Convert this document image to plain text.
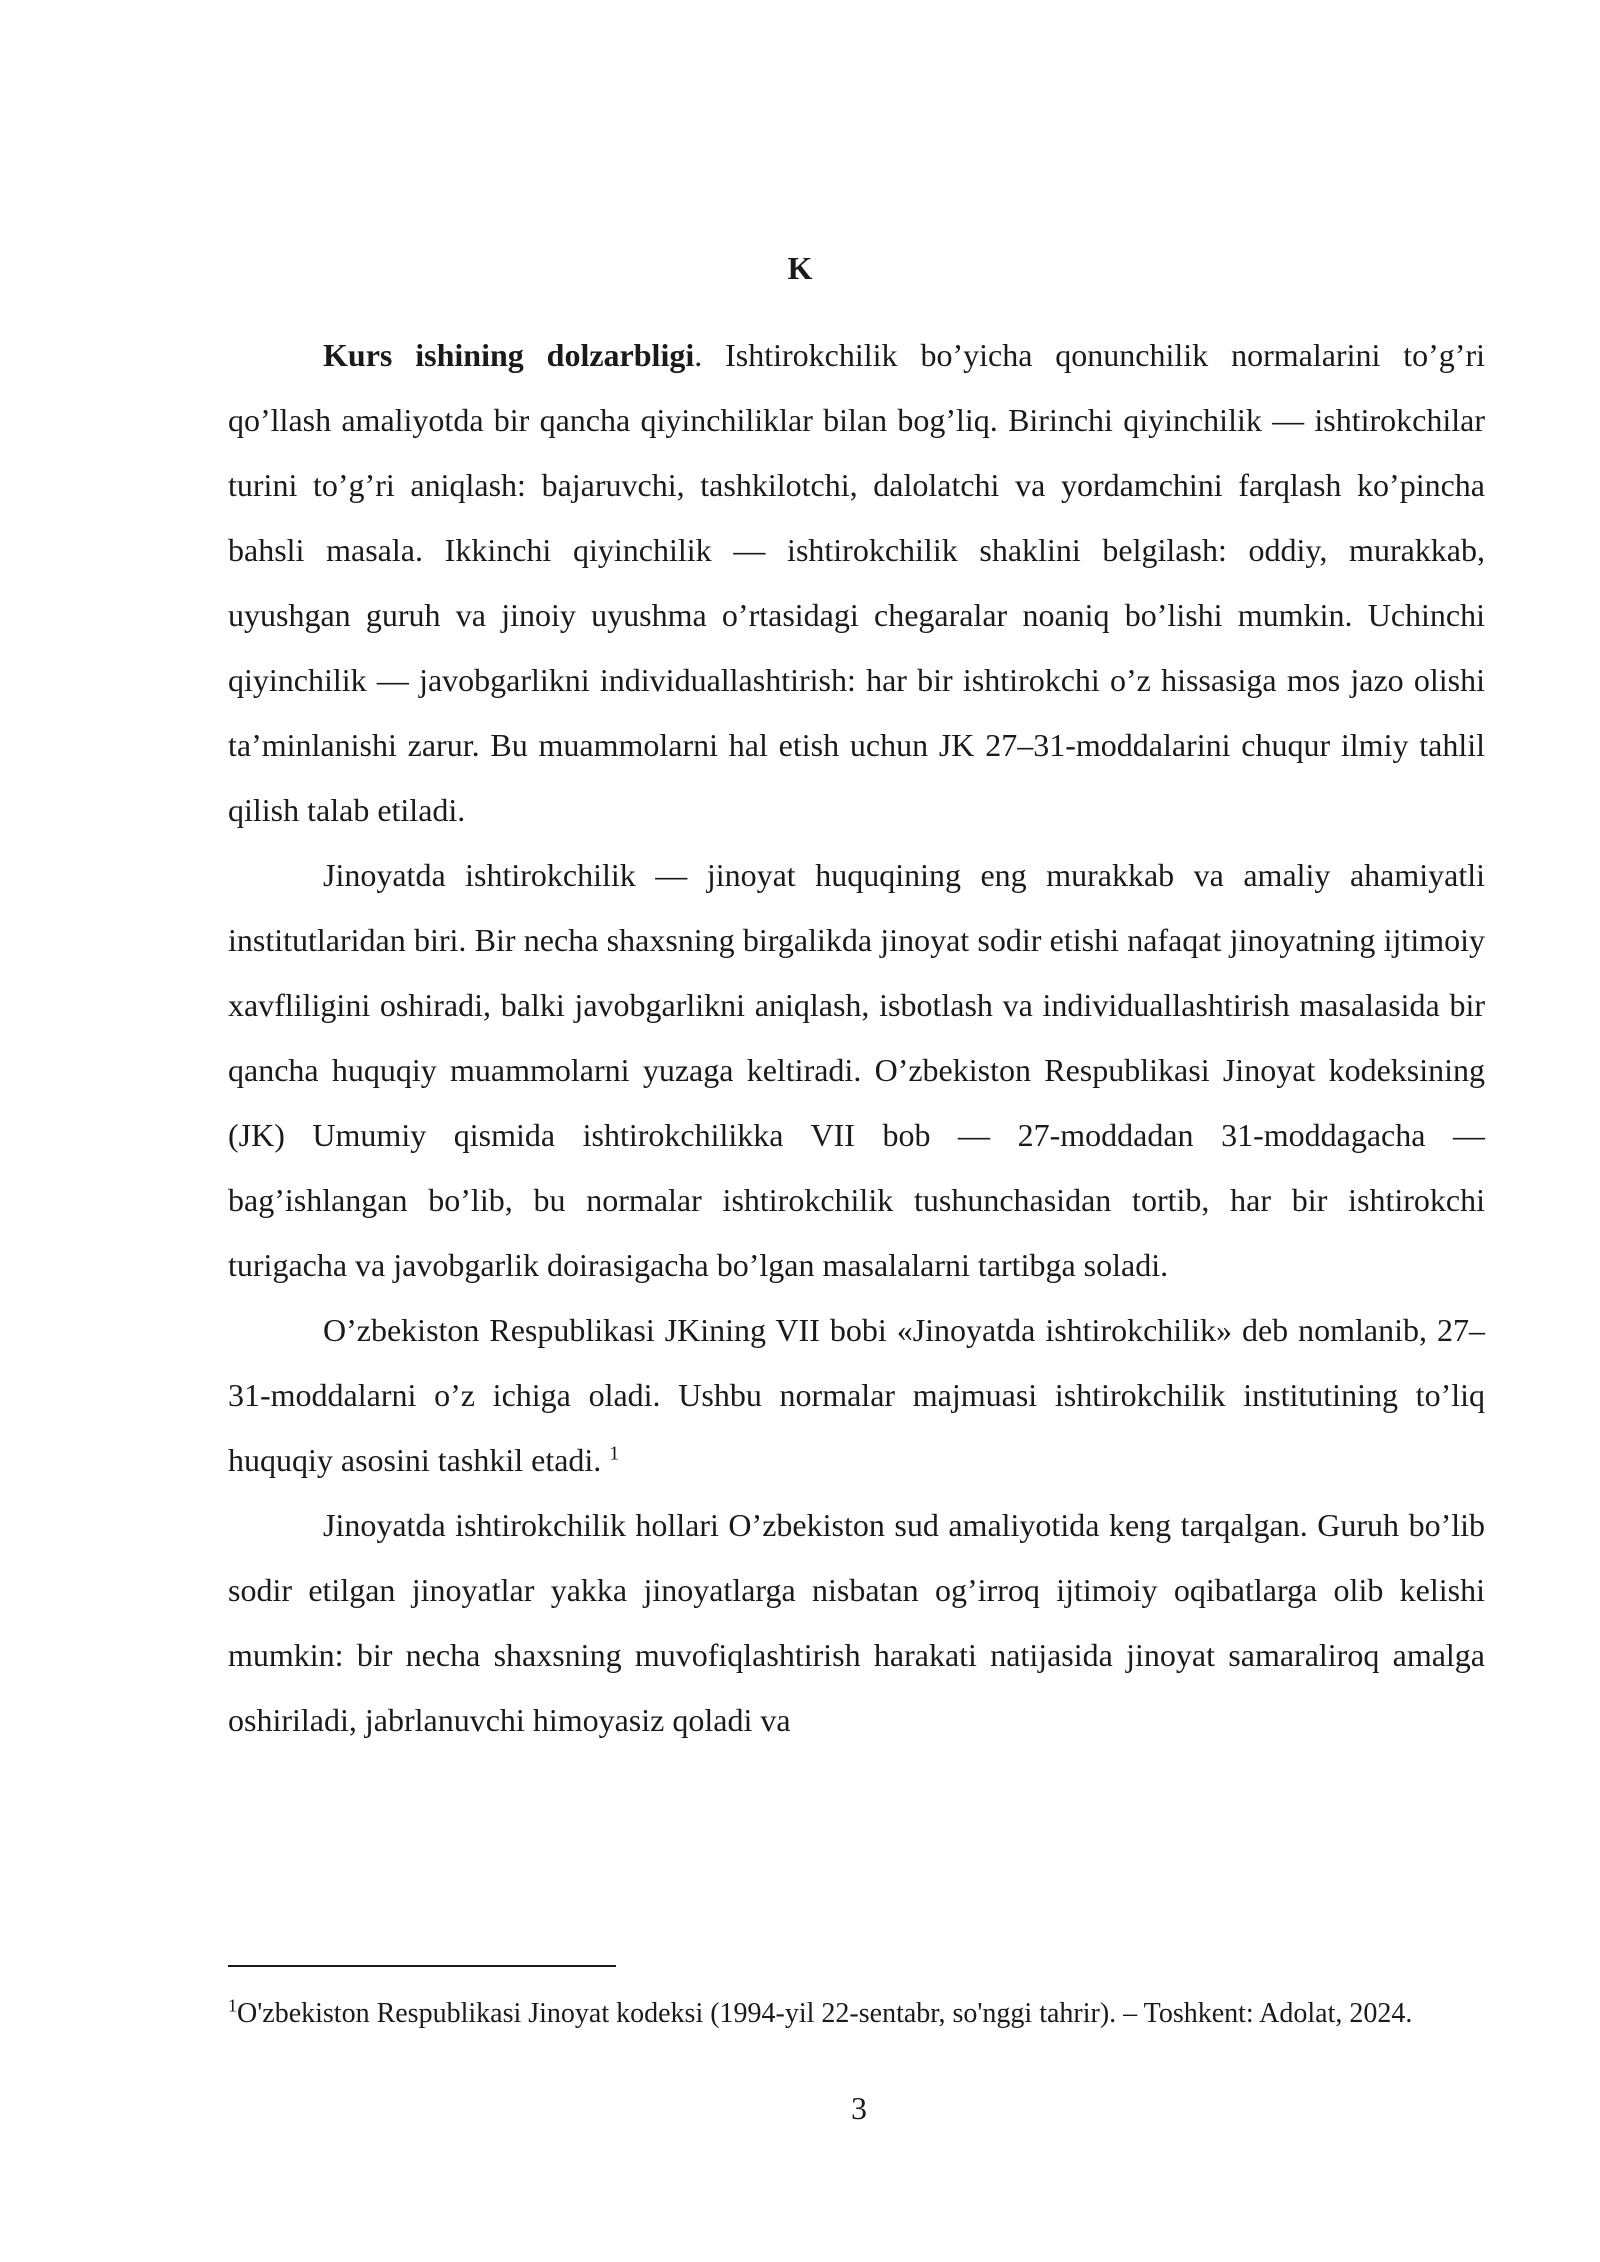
K

Kurs ishining dolzarbligi. Ishtirokchilik bo’yicha qonunchilik normalarini to’g’ri qo’llash amaliyotda bir qancha qiyinchiliklar bilan bog’liq. Birinchi qiyinchilik — ishtirokchilar turini to’g’ri aniqlash: bajaruvchi, tashkilotchi, dalolatchi va yordamchini farqlash ko’pincha bahsli masala. Ikkinchi qiyinchilik — ishtirokchilik shaklini belgilash: oddiy, murakkab, uyushgan guruh va jinoiy uyushma o’rtasidagi chegaralar noaniq bo’lishi mumkin. Uchinchi qiyinchilik — javobgarlikni individuallashtirish: har bir ishtirokchi o’z hissasiga mos jazo olishi ta’minlanishi zarur. Bu muammolarni hal etish uchun JK 27–31-moddalarini chuqur ilmiy tahlil qilish talab etiladi.

Jinoyatda ishtirokchilik — jinoyat huquqining eng murakkab va amaliy ahamiyatli institutlaridan biri. Bir necha shaxsning birgalikda jinoyat sodir etishi nafaqat jinoyatning ijtimoiy xavfliligini oshiradi, balki javobgarlikni aniqlash, isbotlash va individuallashtirish masalasida bir qancha huquqiy muammolarni yuzaga keltiradi. O’zbekiston Respublikasi Jinoyat kodeksining (JK) Umumiy qismida ishtirokchilikka VII bob — 27-moddadan 31-moddagacha — bag’ishlangan bo’lib, bu normalar ishtirokchilik tushunchasidan tortib, har bir ishtirokchi turigacha va javobgarlik doirasigacha bo’lgan masalalarni tartibga soladi.

O’zbekiston Respublikasi JKining VII bobi «Jinoyatda ishtirokchilik» deb nomlanib, 27–31-moddalarni o’z ichiga oladi. Ushbu normalar majmuasi ishtirokchilik institutining to’liq huquqiy asosini tashkil etadi. $^1$

Jinoyatda ishtirokchilik hollari O’zbekiston sud amaliyotida keng tarqalgan. Guruh bo’lib sodir etilgan jinoyatlar yakka jinoyatlarga nisbatan og’irroq ijtimoiy oqibatlarga olib kelishi mumkin: bir necha shaxsning muvofiqlashtirish harakati natijasida jinoyat samaraliroq amalga oshiriladi, jabrlanuvchi himoyasiz qoladi va

$^1$O'zbekiston Respublikasi Jinoyat kodeksi (1994-yil 22-sentabr, so'nggi tahrir). – Toshkent: Adolat, 2024.

3
